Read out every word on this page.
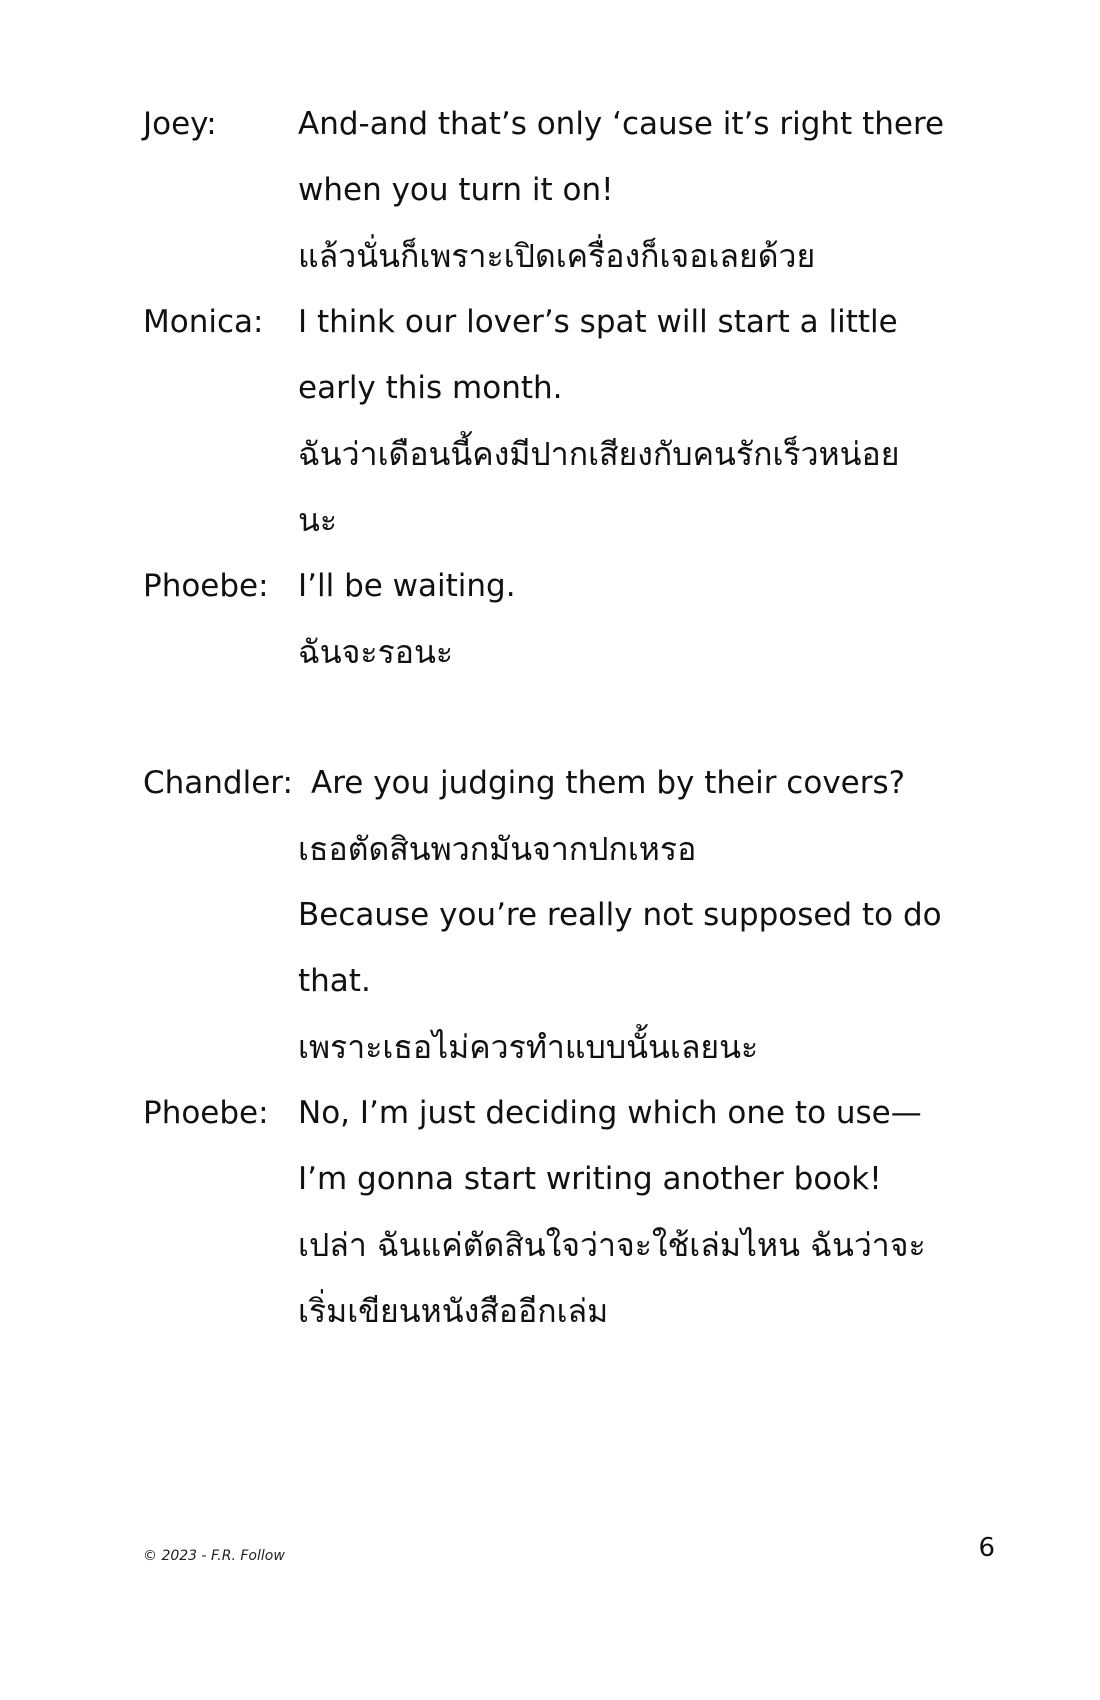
Joey:	And-and that’s only ‘cause it’s right there
when you turn it on!
แล้วนั่นก็เพราะเปิดเครื่องก็เจอเลยด้วย
Monica: I think our lover’s spat will start a little
early this month.
ฉันว่าเดือนนี้คงมีปากเสียงกับคนรักเร็วหน่อย
นะ
Phoebe: I’ll be waiting.
ฉันจะรอนะ
Chandler: Are you judging them by their covers?
เธอตัดสินพวกมันจากปกเหรอ
Because you’re really not supposed to do
that.
เพราะเธอไม่ควรทำแบบนั้นเลยนะ
Phoebe: No, I’m just deciding which one to use—
I’m gonna start writing another book!
เปล่า ฉันแค่ตัดสินใจว่าจะใช้เล่มไหน ฉันว่าจะ
เริ่มเขียนหนังสืออีกเล่ม
© 2023 - F.R. Follow	6
